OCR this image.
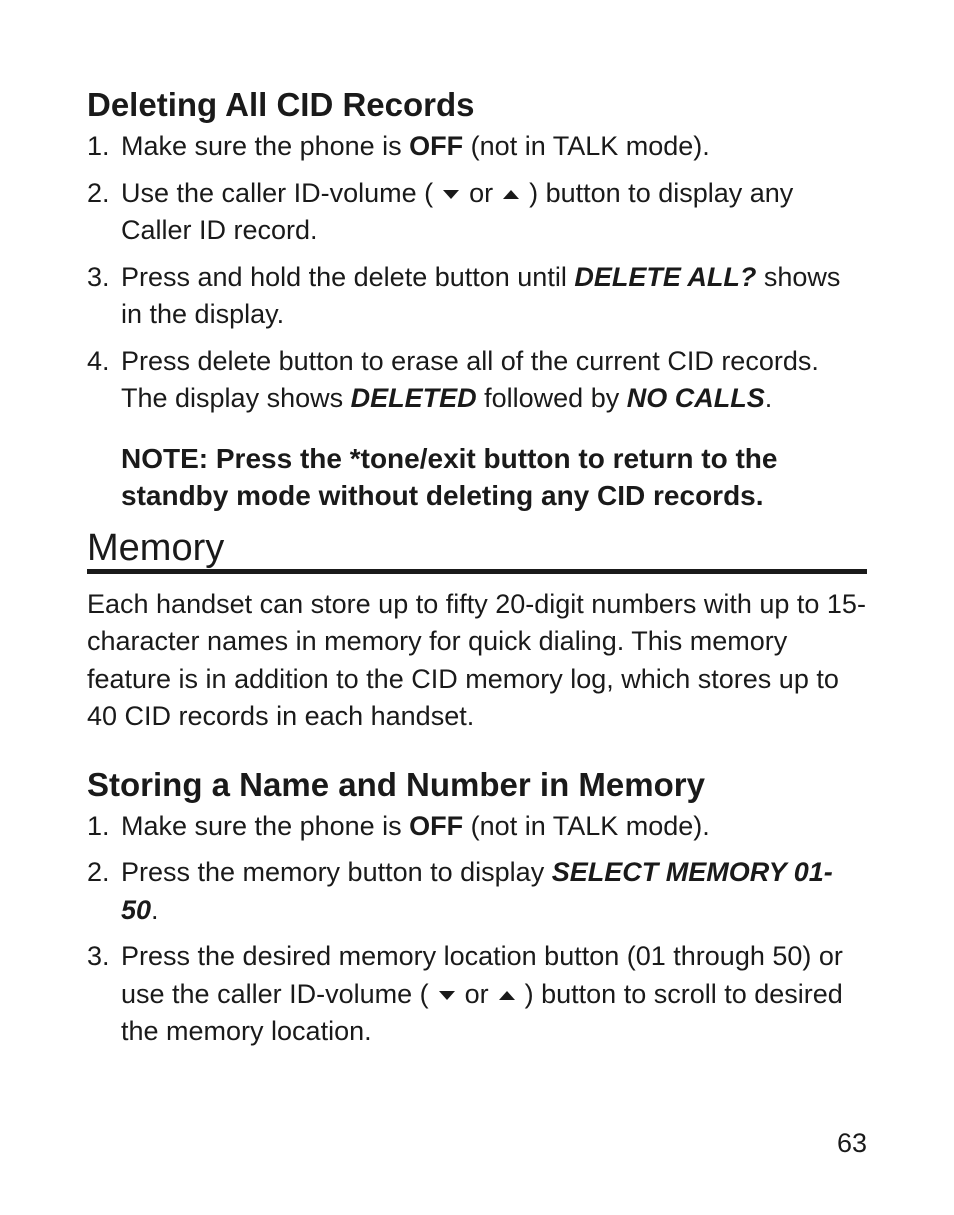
Deleting All CID Records
1. Make sure the phone is OFF (not in TALK mode).
2. Use the caller ID-volume ( or ) button to display any Caller ID record.
3. Press and hold the delete button until DELETE ALL? shows in the display.
4. Press delete button to erase all of the current CID records. The display shows DELETED followed by NO CALLS.
NOTE: Press the *tone/exit button to return to the standby mode without deleting any CID records.
Memory

Each handset can store up to fifty 20-digit numbers with up to 15-character names in memory for quick dialing. This memory feature is in addition to the CID memory log, which stores up to 40 CID records in each handset.

Storing a Name and Number in Memory
1. Make sure the phone is OFF (not in TALK mode).
2. Press the memory button to display SELECT MEMORY 01-50.
3. Press the desired memory location button (01 through 50) or use the caller ID-volume ( or ) button to scroll to desired the memory location.
63
